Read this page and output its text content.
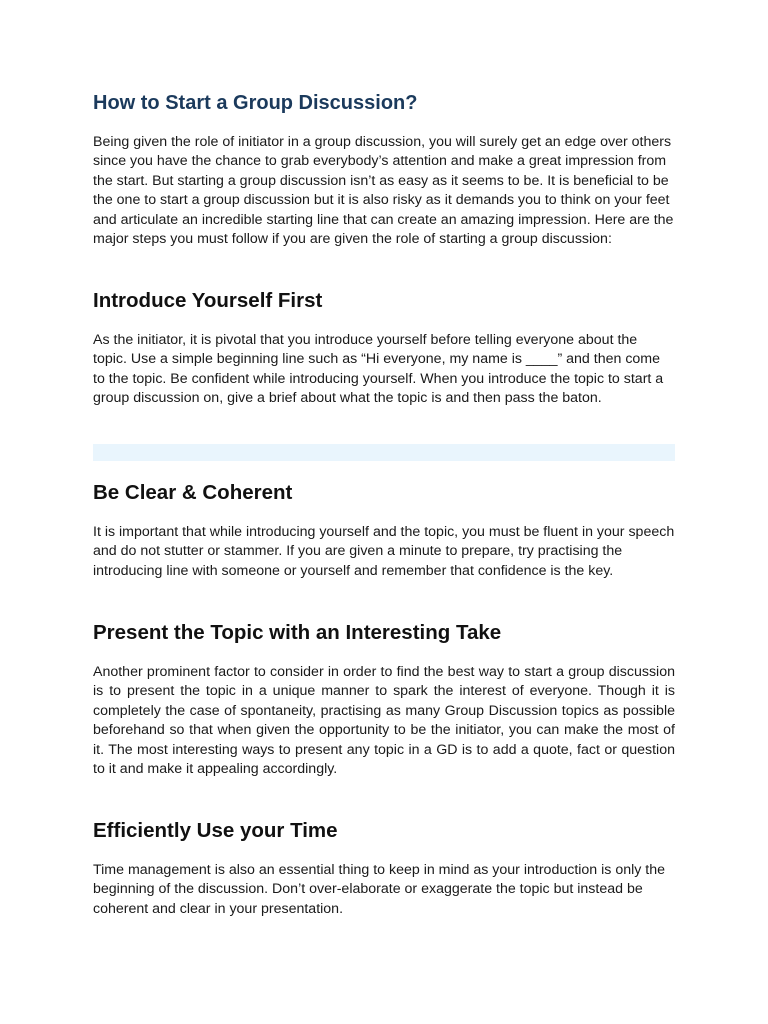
How to Start a Group Discussion?

Being given the role of initiator in a group discussion, you will surely get an edge over others since you have the chance to grab everybody’s attention and make a great impression from the start. But starting a group discussion isn’t as easy as it seems to be. It is beneficial to be the one to start a group discussion but it is also risky as it demands you to think on your feet and articulate an incredible starting line that can create an amazing impression. Here are the major steps you must follow if you are given the role of starting a group discussion:

Introduce Yourself First

As the initiator, it is pivotal that you introduce yourself before telling everyone about the topic. Use a simple beginning line such as “Hi everyone, my name is ____” and then come to the topic. Be confident while introducing yourself. When you introduce the topic to start a group discussion on, give a brief about what the topic is and then pass the baton.

Be Clear & Coherent

It is important that while introducing yourself and the topic, you must be fluent in your speech and do not stutter or stammer. If you are given a minute to prepare, try practising the introducing line with someone or yourself and remember that confidence is the key.

Present the Topic with an Interesting Take

Another prominent factor to consider in order to find the best way to start a group discussion is to present the topic in a unique manner to spark the interest of everyone. Though it is completely the case of spontaneity, practising as many Group Discussion topics as possible beforehand so that when given the opportunity to be the initiator, you can make the most of it. The most interesting ways to present any topic in a GD is to add a quote, fact or question to it and make it appealing accordingly.

Efficiently Use your Time

Time management is also an essential thing to keep in mind as your introduction is only the beginning of the discussion. Don’t over-elaborate or exaggerate the topic but instead be coherent and clear in your presentation.
